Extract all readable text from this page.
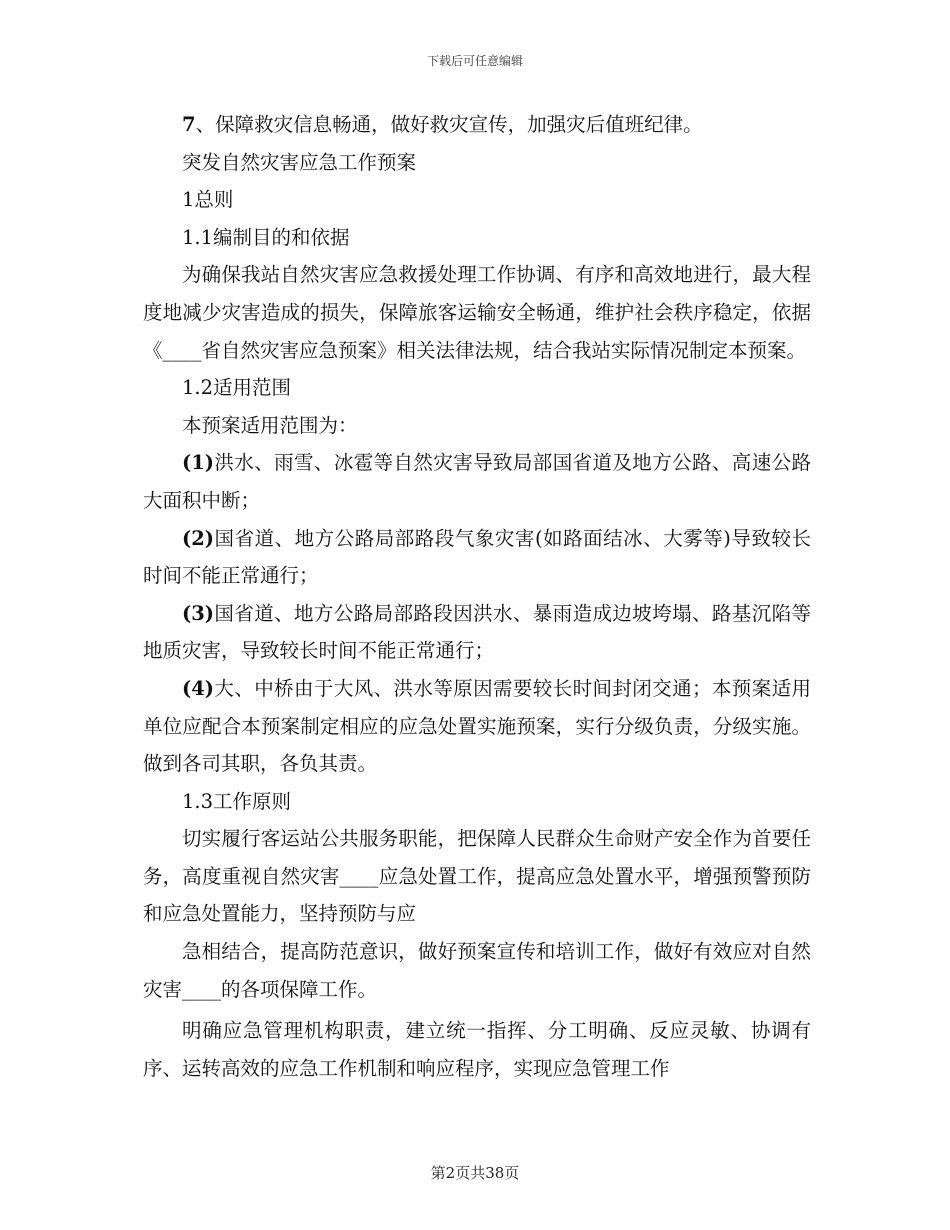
下载后可任意编辑

7、保障救灾信息畅通，做好救灾宣传，加强灾后值班纪律。

突发自然灾害应急工作预案

1总则

1.1编制目的和依据

为确保我站自然灾害应急救援处理工作协调、有序和高效地进行，最大程度地减少灾害造成的损失，保障旅客运输安全畅通，维护社会秩序稳定，依据《____省自然灾害应急预案》相关法律法规，结合我站实际情况制定本预案。

1.2适用范围

本预案适用范围为：

(1)洪水、雨雪、冰雹等自然灾害导致局部国省道及地方公路、高速公路大面积中断；

(2)国省道、地方公路局部路段气象灾害(如路面结冰、大雾等)导致较长时间不能正常通行；

(3)国省道、地方公路局部路段因洪水、暴雨造成边坡垮塌、路基沉陷等地质灾害，导致较长时间不能正常通行；

(4)大、中桥由于大风、洪水等原因需要较长时间封闭交通；本预案适用单位应配合本预案制定相应的应急处置实施预案，实行分级负责，分级实施。做到各司其职，各负其责。

1.3工作原则

切实履行客运站公共服务职能，把保障人民群众生命财产安全作为首要任务，高度重视自然灾害____应急处置工作，提高应急处置水平，增强预警预防和应急处置能力，坚持预防与应

急相结合，提高防范意识，做好预案宣传和培训工作，做好有效应对自然灾害____的各项保障工作。

明确应急管理机构职责，建立统一指挥、分工明确、反应灵敏、协调有序、运转高效的应急工作机制和响应程序，实现应急管理工作

第2页共38页
